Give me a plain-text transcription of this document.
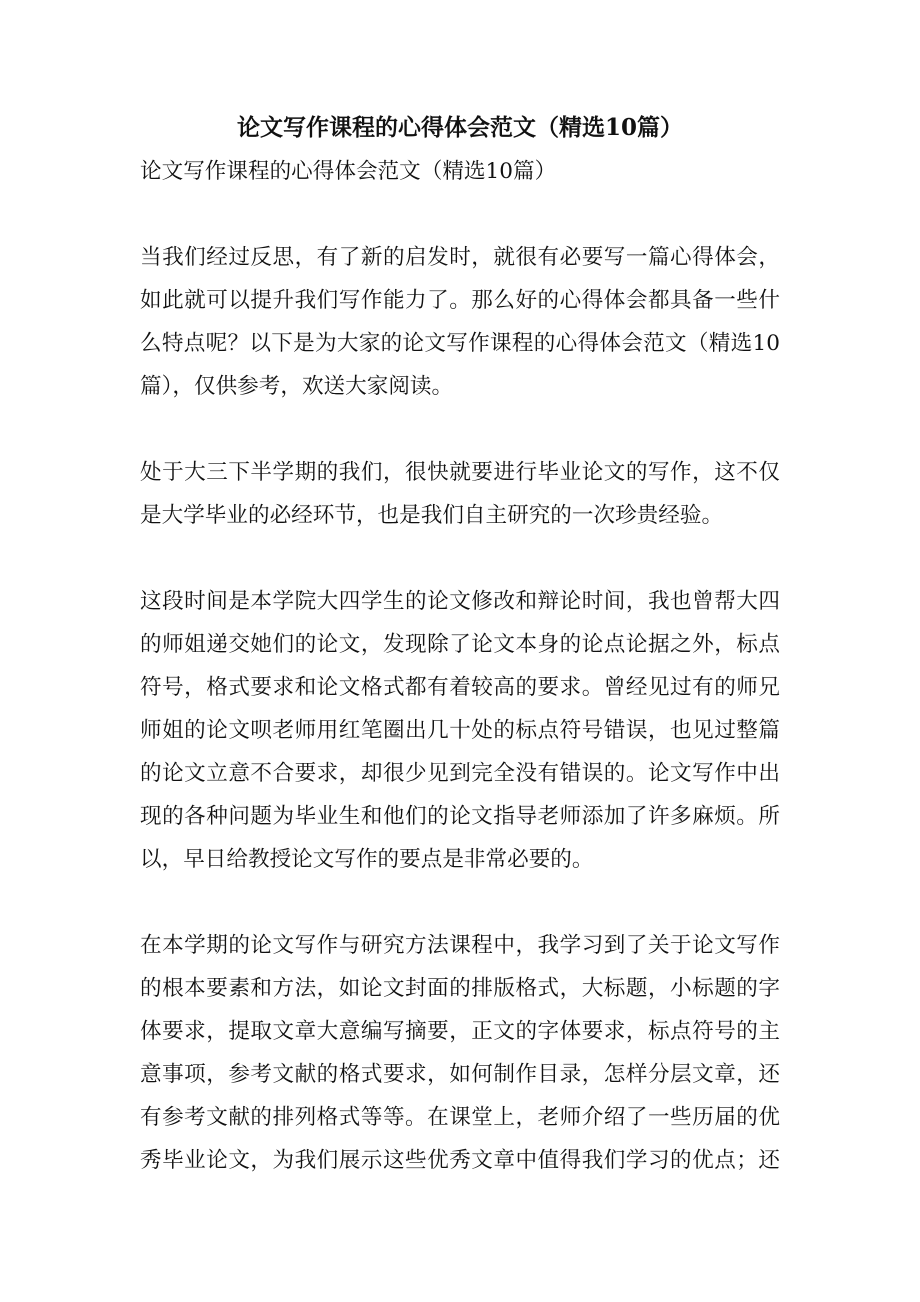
论文写作课程的心得体会范文（精选10篇）
论文写作课程的心得体会范文（精选10篇）
当我们经过反思，有了新的启发时，就很有必要写一篇心得体会，
如此就可以提升我们写作能力了。那么好的心得体会都具备一些什
么特点呢？以下是为大家的论文写作课程的心得体会范文（精选10
篇），仅供参考，欢送大家阅读。
处于大三下半学期的我们，很快就要进行毕业论文的写作，这不仅
是大学毕业的必经环节，也是我们自主研究的一次珍贵经验。
这段时间是本学院大四学生的论文修改和辩论时间，我也曾帮大四
的师姐递交她们的论文，发现除了论文本身的论点论据之外，标点
符号，格式要求和论文格式都有着较高的要求。曾经见过有的师兄
师姐的论文呗老师用红笔圈出几十处的标点符号错误，也见过整篇
的论文立意不合要求，却很少见到完全没有错误的。论文写作中出
现的各种问题为毕业生和他们的论文指导老师添加了许多麻烦。所
以，早日给教授论文写作的要点是非常必要的。
在本学期的论文写作与研究方法课程中，我学习到了关于论文写作
的根本要素和方法，如论文封面的排版格式，大标题，小标题的字
体要求，提取文章大意编写摘要，正文的字体要求，标点符号的主
意事项，参考文献的格式要求，如何制作目录，怎样分层文章，还
有参考文献的排列格式等等。在课堂上，老师介绍了一些历届的优
秀毕业论文，为我们展示这些优秀文章中值得我们学习的优点；还
